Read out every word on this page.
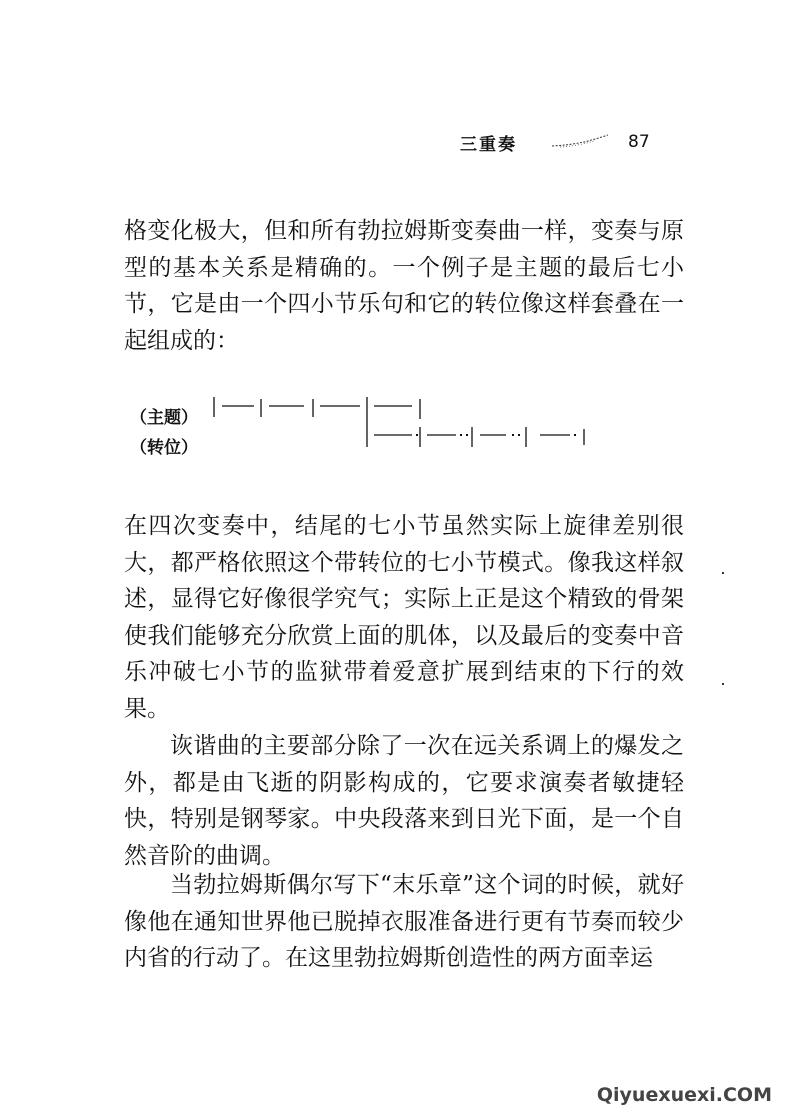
三重奏	87

格变化极大，但和所有勃拉姆斯变奏曲一样，变奏与原型的基本关系是精确的。一个例子是主题的最后七小节，它是由一个四小节乐句和它的转位像这样套叠在一起组成的：

（主题）
（转位）

在四次变奏中，结尾的七小节虽然实际上旋律差别很大，都严格依照这个带转位的七小节模式。像我这样叙述，显得它好像很学究气；实际上正是这个精致的骨架使我们能够充分欣赏上面的肌体，以及最后的变奏中音乐冲破七小节的监狱带着爱意扩展到结束的下行的效果。

诙谐曲的主要部分除了一次在远关系调上的爆发之外，都是由飞逝的阴影构成的，它要求演奏者敏捷轻快，特别是钢琴家。中央段落来到日光下面，是一个自然音阶的曲调。

当勃拉姆斯偶尔写下“末乐章”这个词的时候，就好像他在通知世界他已脱掉衣服准备进行更有节奏而较少内省的行动了。在这里勃拉姆斯创造性的两方面幸运

Qiyuexuexi.COM
